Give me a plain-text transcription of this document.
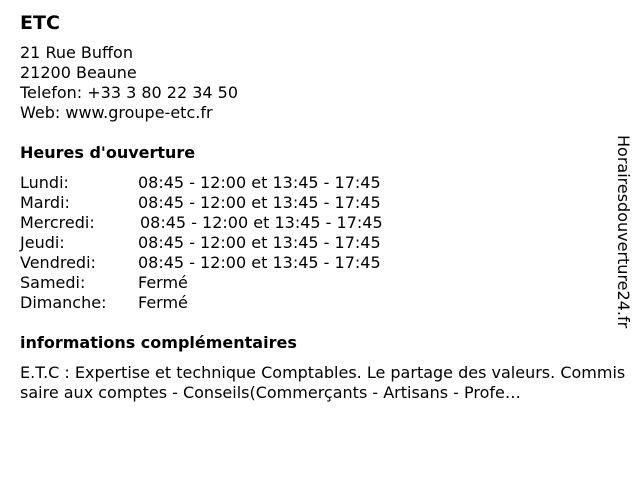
ETC
21 Rue Buffon
21200 Beaune
Telefon: +33 3 80 22 34 50
Web: www.groupe-etc.fr
Heures d'ouverture
Lundi:	08:45 - 12:00 et 13:45 - 17:45
Mardi:	08:45 - 12:00 et 13:45 - 17:45
Mercredi:	08:45 - 12:00 et 13:45 - 17:45
Jeudi:	08:45 - 12:00 et 13:45 - 17:45
Vendredi:	08:45 - 12:00 et 13:45 - 17:45
Samedi:	Fermé
Dimanche:	Fermé
informations complémentaires
E.T.C : Expertise et technique Comptables. Le partage des valeurs. Commissaire aux comptes - Conseils(Commerçants - Artisans - Profe…
Horairesdouverture24.fr
